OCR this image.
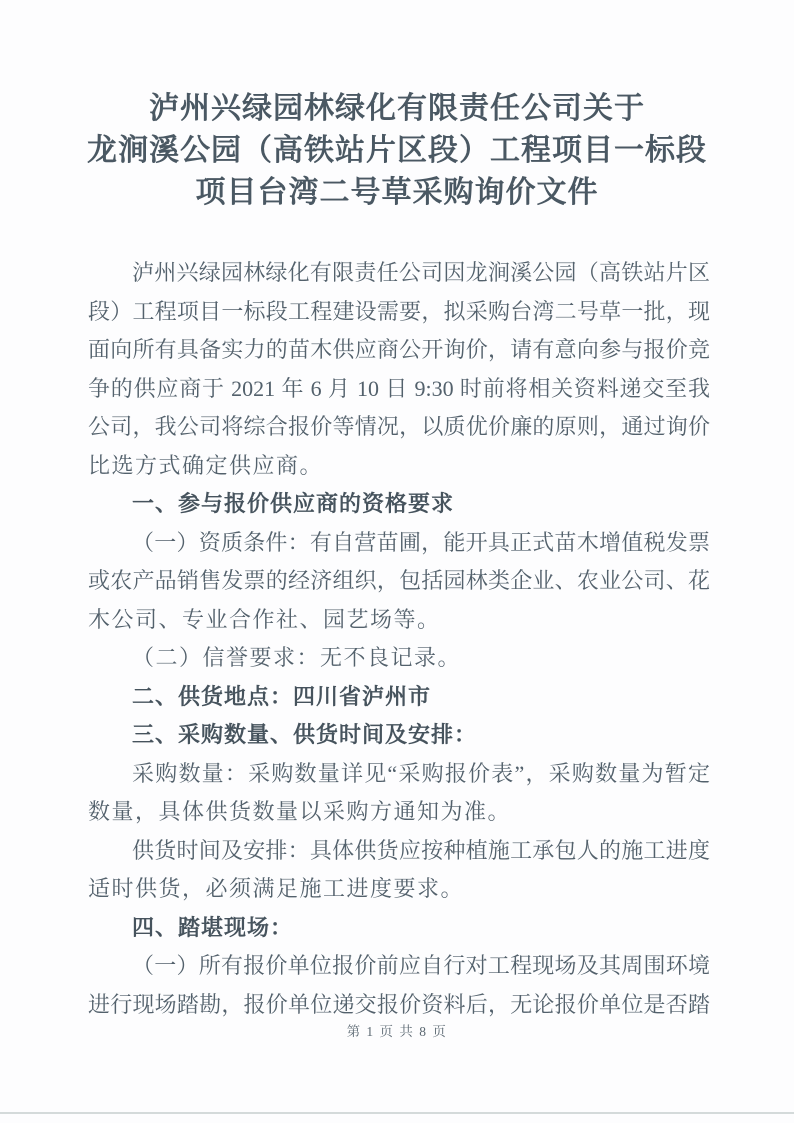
泸州兴绿园林绿化有限责任公司关于
龙涧溪公园（高铁站片区段）工程项目一标段
项目台湾二号草采购询价文件
泸州兴绿园林绿化有限责任公司因龙涧溪公园（高铁站片区
段）工程项目一标段工程建设需要，拟采购台湾二号草一批，现
面向所有具备实力的苗木供应商公开询价，请有意向参与报价竞
争的供应商于 2021 年 6 月 10 日 9:30 时前将相关资料递交至我
公司，我公司将综合报价等情况，以质优价廉的原则，通过询价
比选方式确定供应商。
一、参与报价供应商的资格要求
（一）资质条件：有自营苗圃，能开具正式苗木增值税发票
或农产品销售发票的经济组织，包括园林类企业、农业公司、花
木公司、专业合作社、园艺场等。
（二）信誉要求：无不良记录。
二、供货地点：四川省泸州市
三、采购数量、供货时间及安排：
采购数量：采购数量详见“采购报价表”，采购数量为暂定
数量，具体供货数量以采购方通知为准。
供货时间及安排：具体供货应按种植施工承包人的施工进度
适时供货，必须满足施工进度要求。
四、踏堪现场：
（一）所有报价单位报价前应自行对工程现场及其周围环境
进行现场踏勘，报价单位递交报价资料后，无论报价单位是否踏
第 1 页 共 8 页
